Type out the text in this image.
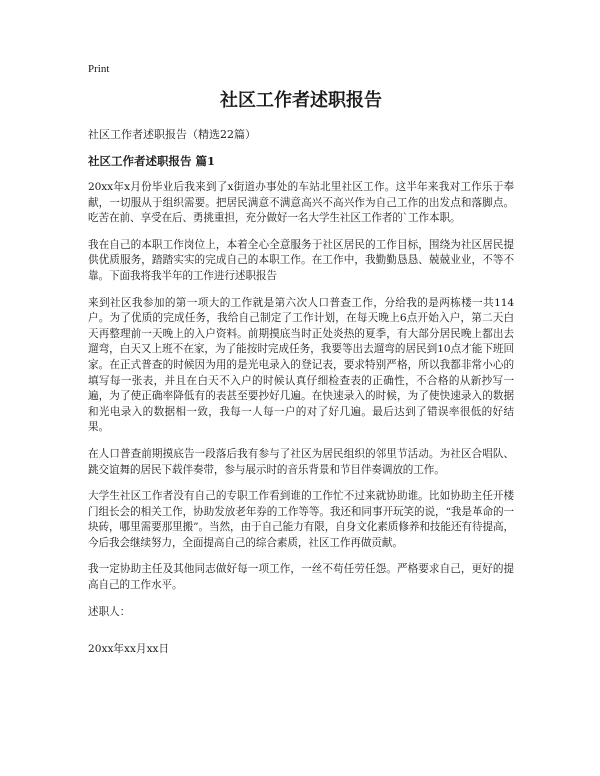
Print
社区工作者述职报告
社区工作者述职报告（精选22篇）
社区工作者述职报告 篇1

20xx年x月份毕业后我来到了x街道办事处的车站北里社区工作。这半年来我对工作乐于奉献，一切服从于组织需要。把居民满意不满意高兴不高兴作为自己工作的出发点和落脚点。吃苦在前、享受在后、勇挑重担，充分做好一名大学生社区工作者的`工作本职。

我在自己的本职工作岗位上，本着全心全意服务于社区居民的工作目标，围绕为社区居民提供优质服务，踏踏实实的完成自己的本职工作。在工作中，我勤勤恳恳、兢兢业业，不等不靠。下面我将我半年的工作进行述职报告

来到社区我参加的第一项大的工作就是第六次人口普查工作，分给我的是两栋楼一共114户。为了优质的完成任务，我给自己制定了工作计划，在每天晚上6点开始入户，第二天白天再整理前一天晚上的入户资料。前期摸底当时正处炎热的夏季，有大部分居民晚上都出去遛弯，白天又上班不在家，为了能按时完成任务，我要等出去遛弯的居民到10点才能下班回家。在正式普查的时候因为用的是光电录入的登记表，要求特别严格，所以我都非常小心的填写每一张表，并且在白天不入户的时候认真仔细检查表的正确性，不合格的从新抄写一遍，为了使正确率降低有的表甚至要抄好几遍。在快速录入的时候，为了使快速录入的数据和光电录入的数据相一致，我每一人每一户的对了好几遍。最后达到了错误率很低的好结果。

在人口普查前期摸底告一段落后我有参与了社区为居民组织的邻里节活动。为社区合唱队、跳交谊舞的居民下载伴奏带，参与展示时的音乐背景和节目伴奏调放的工作。

大学生社区工作者没有自己的专职工作看到谁的工作忙不过来就协助谁。比如协助主任开楼门组长会的相关工作，协助发放老年券的工作等等。我还和同事开玩笑的说，“我是革命的一块砖，哪里需要那里搬”。当然，由于自己能力有限，自身文化素质修养和技能还有待提高，今后我会继续努力，全面提高自己的综合素质，社区工作再做贡献。

我一定协助主任及其他同志做好每一项工作，一丝不苟任劳任怨。严格要求自己，更好的提高自己的工作水平。

述职人：
20xx年xx月xx日
